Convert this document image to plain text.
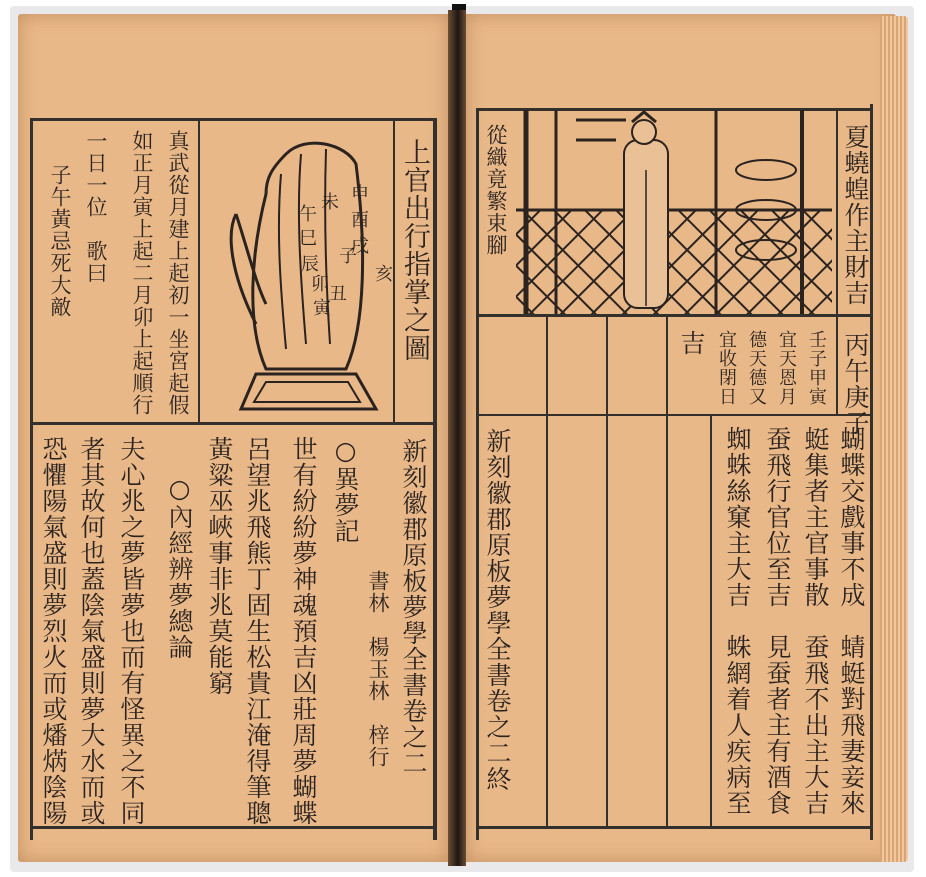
上官出行指掌之圖
申
酉
戌
亥
未
子
午
丑
巳
辰
卯
寅
真武從月建上起初一坐宮起假
如正月寅上起二月卯上起順行
一日一位　歌曰
子午黃忌死大敵
新刻徽郡原板夢學全書卷之二
書林　楊玉林　梓行
○異夢記
世有紛紛夢神魂預吉凶莊周夢蝴蝶
呂望兆飛熊丁固生松貴江淹得筆聰
黃粱巫峽事非兆莫能窮
○內經辨夢總論
夫心兆之夢皆夢也而有怪異之不同
者其故何也蓋陰氣盛則夢大水而或
恐懼陽氣盛則夢烈火而或燔焫陰陽
從織竟繁束腳	夏蟯蝗作主財吉
丙午庚子
壬子甲寅
宜天恩月
德天德又
宜收閉日
吉
蝴蝶交戲事不成　蜻蜓對飛妻妾來
蜓集者主官事散　蚕飛不出主大吉
蚕飛行官位至吉　見蚕者主有酒食
蜘蛛絲窠主大吉　蛛網着人疾病至
新刻徽郡原板夢學全書卷之二終
